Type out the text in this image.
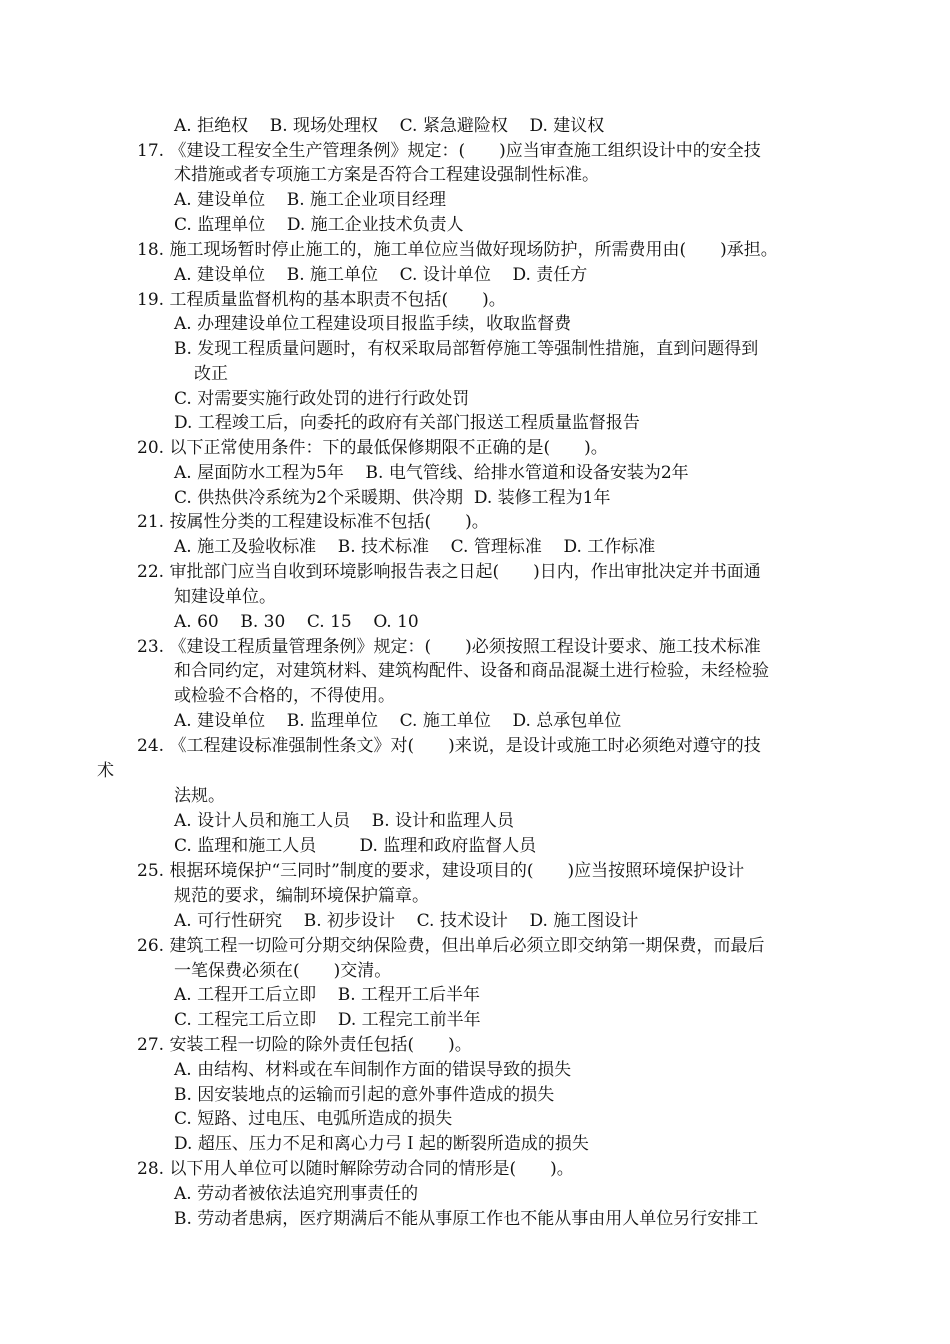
A. 拒绝权    B. 现场处理权    C. 紧急避险权    D. 建议权
17. 《建设工程安全生产管理条例》规定：(　　)应当审查施工组织设计中的安全技
术措施或者专项施工方案是否符合工程建设强制性标准。
A. 建设单位    B. 施工企业项目经理
C. 监理单位    D. 施工企业技术负责人
18. 施工现场暂时停止施工的，施工单位应当做好现场防护，所需费用由(　　)承担。
A. 建设单位    B. 施工单位    C. 设计单位    D. 责任方
19. 工程质量监督机构的基本职责不包括(　　)。
A. 办理建设单位工程建设项目报监手续，收取监督费
B. 发现工程质量问题时，有权采取局部暂停施工等强制性措施，直到问题得到
改正
C. 对需要实施行政处罚的进行行政处罚
D. 工程竣工后，向委托的政府有关部门报送工程质量监督报告
20. 以下正常使用条件：下的最低保修期限不正确的是(　　)。
A. 屋面防水工程为5年    B. 电气管线、给排水管道和设备安装为2年
C. 供热供冷系统为2个采暖期、供冷期  D. 装修工程为1年
21. 按属性分类的工程建设标准不包括(　　)。
A. 施工及验收标准    B. 技术标准    C. 管理标准    D. 工作标准
22. 审批部门应当自收到环境影响报告表之日起(　　)日内，作出审批决定并书面通
知建设单位。
A. 60    B. 30    C. 15    O. 10
23. 《建设工程质量管理条例》规定：(　　)必须按照工程设计要求、施工技术标准
和合同约定，对建筑材料、建筑构配件、设备和商品混凝土进行检验，未经检验
或检验不合格的，不得使用。
A. 建设单位    B. 监理单位    C. 施工单位    D. 总承包单位
24. 《工程建设标准强制性条文》对(　　)来说，是设计或施工时必须绝对遵守的技
术
法规。
A. 设计人员和施工人员    B. 设计和监理人员
C. 监理和施工人员        D. 监理和政府监督人员
25. 根据环境保护“三同时”制度的要求，建设项目的(　　)应当按照环境保护设计
规范的要求，编制环境保护篇章。
A. 可行性研究    B. 初步设计    C. 技术设计    D. 施工图设计
26. 建筑工程一切险可分期交纳保险费，但出单后必须立即交纳第一期保费，而最后
一笔保费必须在(　　)交清。
A. 工程开工后立即    B. 工程开工后半年
C. 工程完工后立即    D. 工程完工前半年
27. 安装工程一切险的除外责任包括(　　)。
A. 由结构、材料或在车间制作方面的错误导致的损失
B. 因安装地点的运输而引起的意外事件造成的损失
C. 短路、过电压、电弧所造成的损失
D. 超压、压力不足和离心力弓Ｉ起的断裂所造成的损失
28. 以下用人单位可以随时解除劳动合同的情形是(　　)。
A. 劳动者被依法追究刑事责任的
B. 劳动者患病，医疗期满后不能从事原工作也不能从事由用人单位另行安排工
